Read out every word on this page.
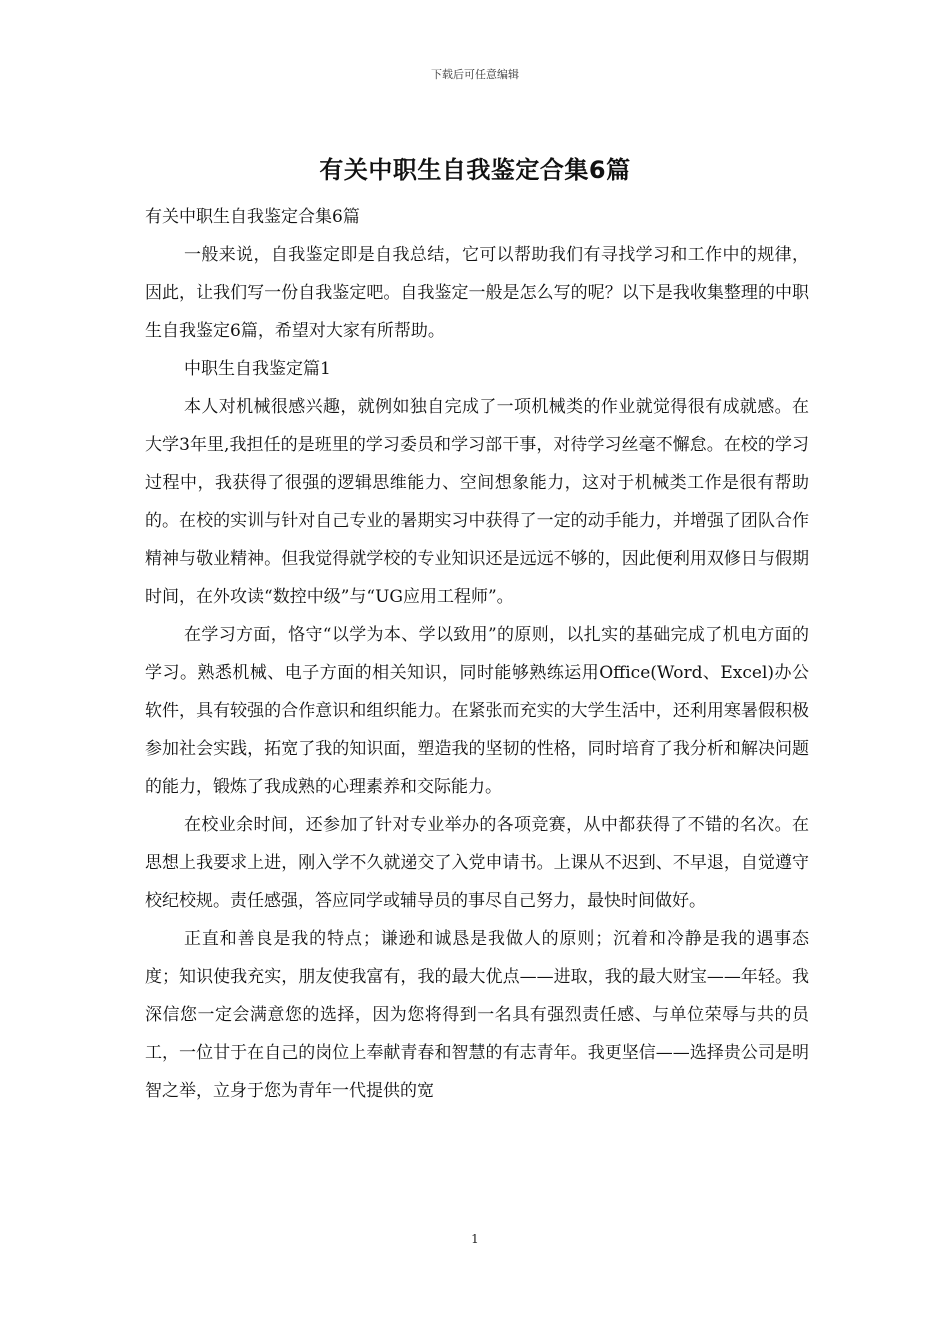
下载后可任意编辑
有关中职生自我鉴定合集6篇

有关中职生自我鉴定合集6篇

一般来说，自我鉴定即是自我总结，它可以帮助我们有寻找学习和工作中的规律，因此，让我们写一份自我鉴定吧。自我鉴定一般是怎么写的呢？以下是我收集整理的中职生自我鉴定6篇，希望对大家有所帮助。

中职生自我鉴定篇1

本人对机械很感兴趣，就例如独自完成了一项机械类的作业就觉得很有成就感。在大学3年里,我担任的是班里的学习委员和学习部干事，对待学习丝毫不懈怠。在校的学习过程中，我获得了很强的逻辑思维能力、空间想象能力，这对于机械类工作是很有帮助的。在校的实训与针对自己专业的暑期实习中获得了一定的动手能力，并增强了团队合作精神与敬业精神。但我觉得就学校的专业知识还是远远不够的，因此便利用双修日与假期时间，在外攻读“数控中级”与“UG应用工程师”。

在学习方面，恪守“以学为本、学以致用”的原则，以扎实的基础完成了机电方面的学习。熟悉机械、电子方面的相关知识，同时能够熟练运用Office(Word、Excel)办公软件，具有较强的合作意识和组织能力。在紧张而充实的大学生活中，还利用寒暑假积极参加社会实践，拓宽了我的知识面，塑造我的坚韧的性格，同时培育了我分析和解决问题的能力，锻炼了我成熟的心理素养和交际能力。

在校业余时间，还参加了针对专业举办的各项竞赛，从中都获得了不错的名次。在思想上我要求上进，刚入学不久就递交了入党申请书。上课从不迟到、不早退，自觉遵守校纪校规。责任感强，答应同学或辅导员的事尽自己努力，最快时间做好。

正直和善良是我的特点；谦逊和诚恳是我做人的原则；沉着和冷静是我的遇事态度；知识使我充实，朋友使我富有，我的最大优点——进取，我的最大财宝——年轻。我深信您一定会满意您的选择，因为您将得到一名具有强烈责任感、与单位荣辱与共的员工，一位甘于在自己的岗位上奉献青春和智慧的有志青年。我更坚信——选择贵公司是明智之举，立身于您为青年一代提供的宽

1
